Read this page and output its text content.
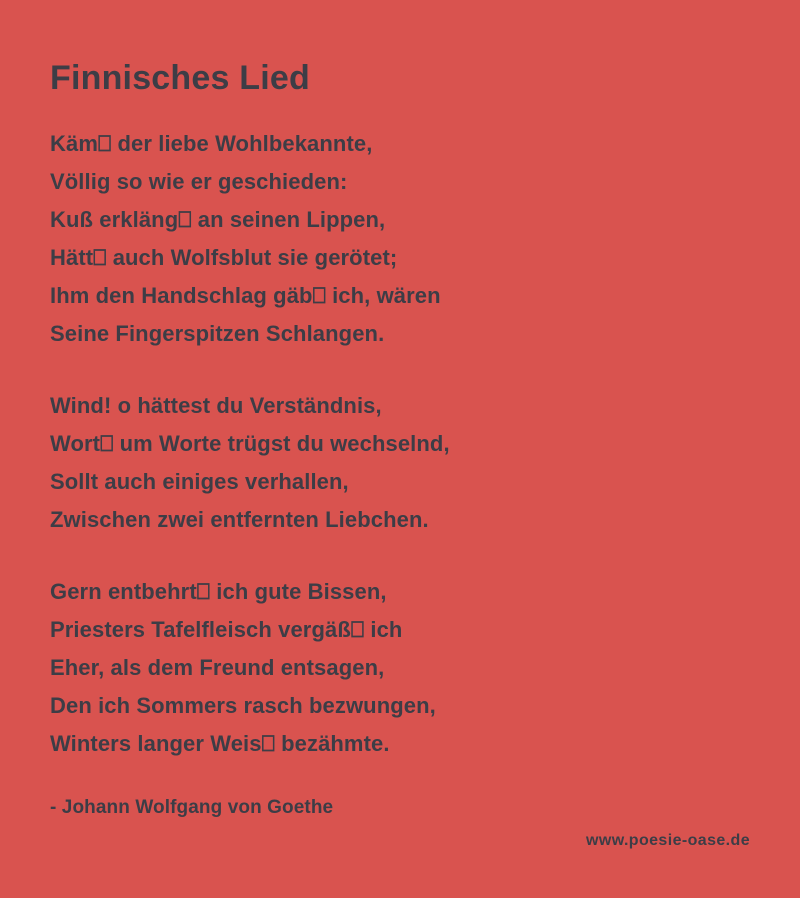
Finnisches Lied
Käm⎕ der liebe Wohlbekannte,
Völlig so wie er geschieden:
Kuß erkläng⎕ an seinen Lippen,
Hätt⎕ auch Wolfsblut sie gerötet;
Ihm den Handschlag gäb⎕ ich, wären
Seine Fingerspitzen Schlangen.
Wind! o hättest du Verständnis,
Wort⎕ um Worte trügst du wechselnd,
Sollt auch einiges verhallen,
Zwischen zwei entfernten Liebchen.
Gern entbehrt⎕ ich gute Bissen,
Priesters Tafelfleisch vergäß⎕ ich
Eher, als dem Freund entsagen,
Den ich Sommers rasch bezwungen,
Winters langer Weis⎕ bezähmte.
- Johann Wolfgang von Goethe
www.poesie-oase.de
